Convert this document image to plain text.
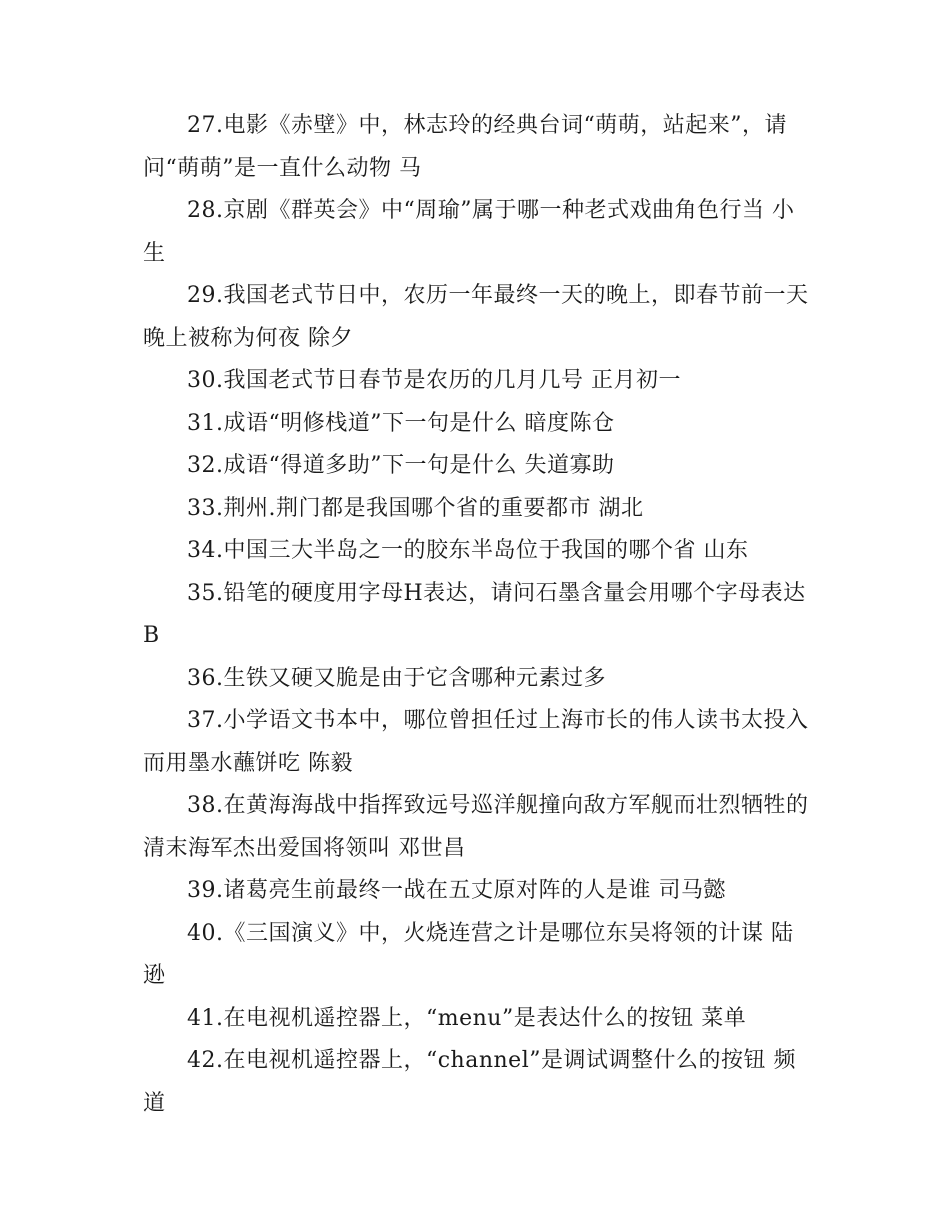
27.电影《赤壁》中，林志玲的经典台词“萌萌，站起来”，请问“萌萌”是一直什么动物 马

28.京剧《群英会》中“周瑜”属于哪一种老式戏曲角色行当 小生

29.我国老式节日中，农历一年最终一天的晚上，即春节前一天晚上被称为何夜 除夕

30.我国老式节日春节是农历的几月几号 正月初一

31.成语“明修栈道”下一句是什么 暗度陈仓

32.成语“得道多助”下一句是什么 失道寡助

33.荆州.荆门都是我国哪个省的重要都市 湖北

34.中国三大半岛之一的胶东半岛位于我国的哪个省 山东

35.铅笔的硬度用字母H表达，请问石墨含量会用哪个字母表达 B

36.生铁又硬又脆是由于它含哪种元素过多

37.小学语文书本中，哪位曾担任过上海市长的伟人读书太投入而用墨水蘸饼吃 陈毅

38.在黄海海战中指挥致远号巡洋舰撞向敌方军舰而壮烈牺牲的清末海军杰出爱国将领叫 邓世昌

39.诸葛亮生前最终一战在五丈原对阵的人是谁 司马懿

40.《三国演义》中，火烧连营之计是哪位东吴将领的计谋 陆逊

41.在电视机遥控器上，“menu”是表达什么的按钮 菜单

42.在电视机遥控器上，“channel”是调试调整什么的按钮 频道
